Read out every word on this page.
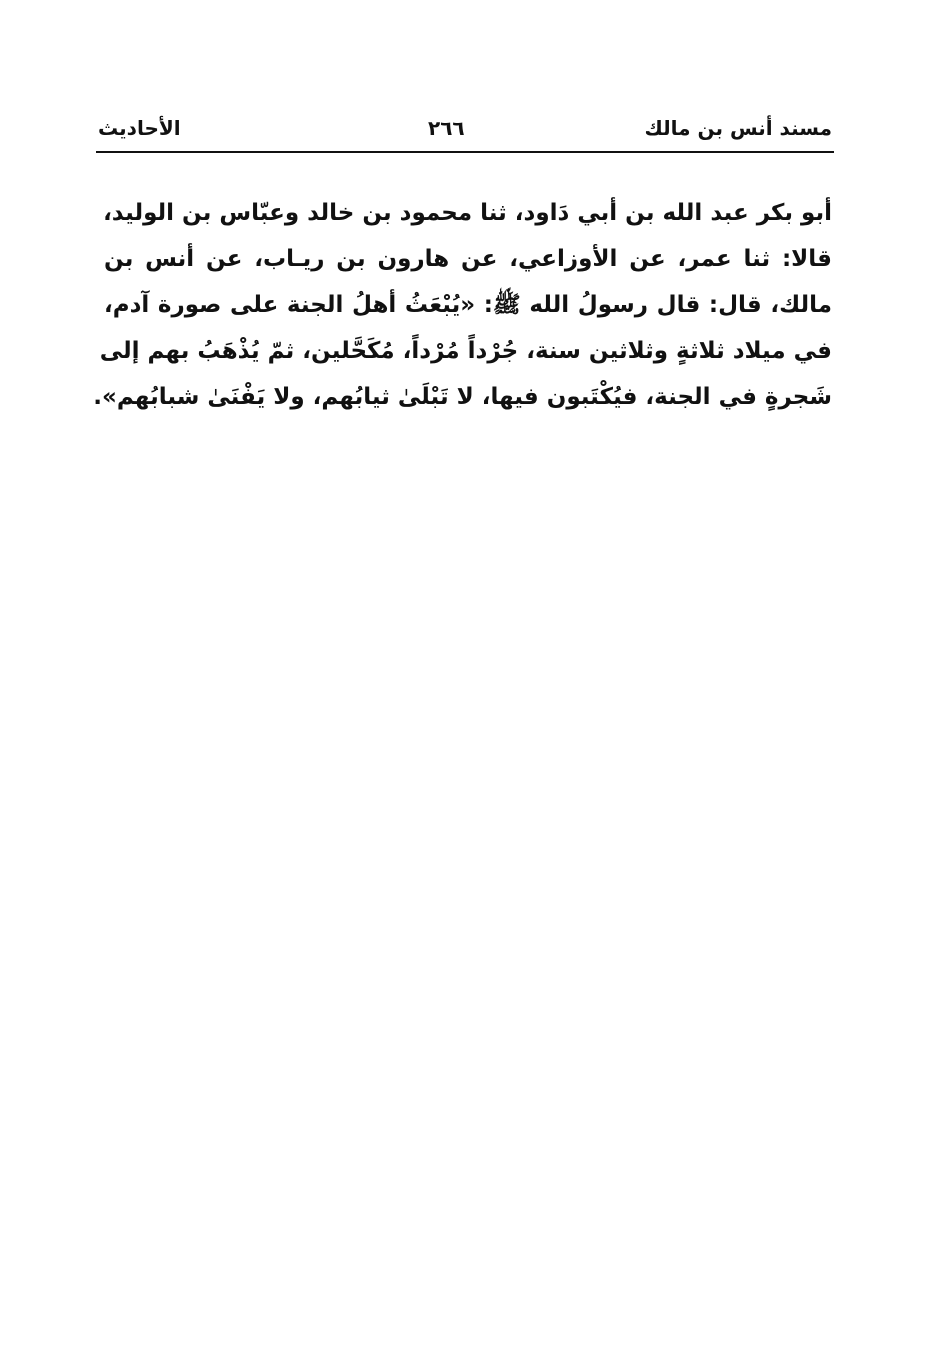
مسند أنس بن مالك
٢٦٦
الأحاديث
أبو بكر عبد الله بن أبي دَاود، ثنا محمود بن خالد وعبّاس بن الوليد،
قالا: ثنا عمر، عن الأوزاعي، عن هارون بن ريـاب، عن أنس بن
مالك، قال: قال رسولُ الله ﷺ: «يُبْعَثُ أهلُ الجنة على صورة آدم،
في ميلاد ثلاثةٍ وثلاثين سنة، جُرْداً مُرْداً، مُكَحَّلين، ثمّ يُذْهَبُ بهم إلى
شَجرةٍ في الجنة، فيُكْتَبون فيها، لا تَبْلَىٰ ثيابُهم، ولا يَفْنَىٰ شبابُهم».
